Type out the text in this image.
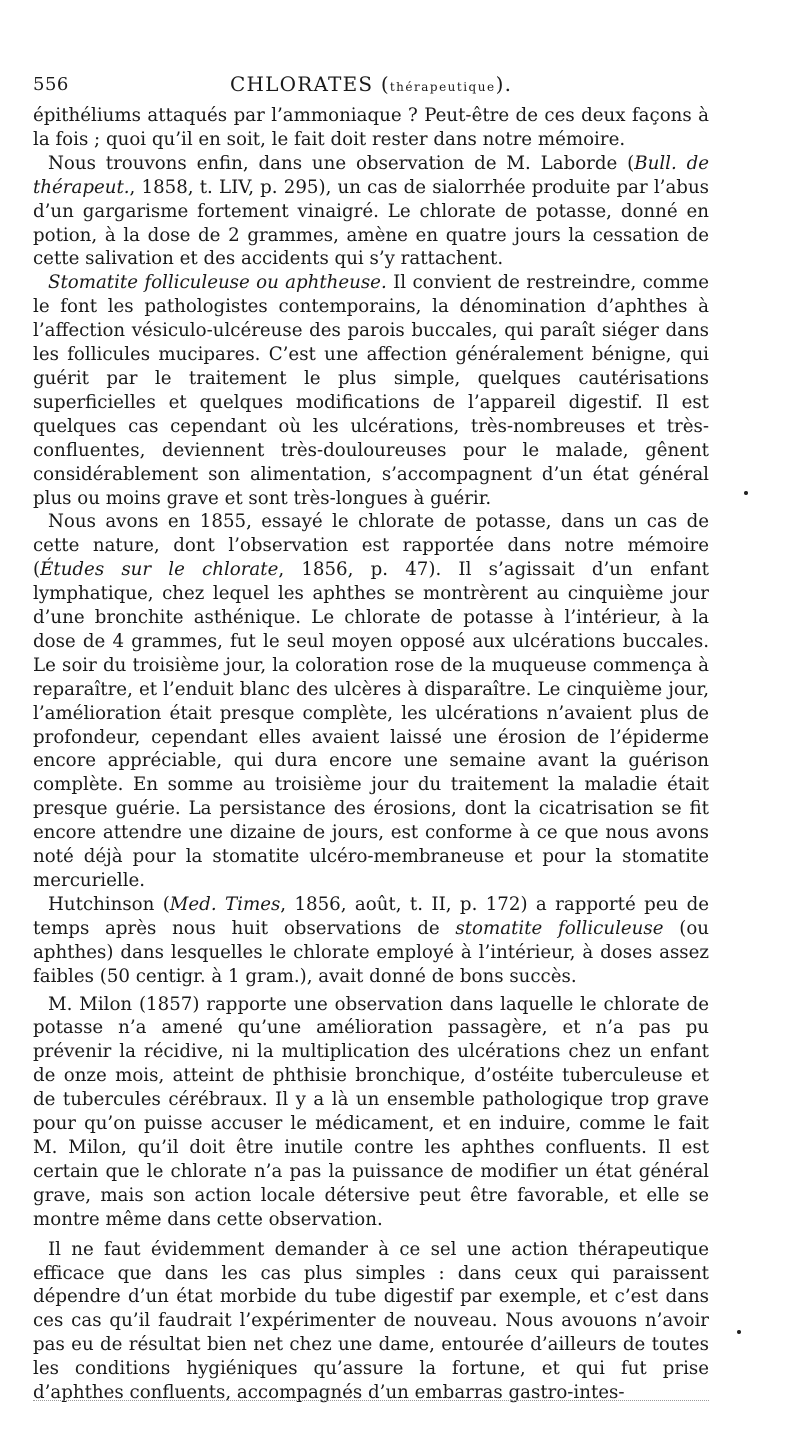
556	CHLORATES (thérapeutique).

épithéliums attaqués par l’ammoniaque ? Peut-être de ces deux façons à la fois ; quoi qu’il en soit, le fait doit rester dans notre mémoire.

Nous trouvons enfin, dans une observation de M. Laborde (Bull. de thérapeut., 1858, t. LIV, p. 295), un cas de sialorrhée produite par l’abus d’un gargarisme fortement vinaigré. Le chlorate de potasse, donné en potion, à la dose de 2 grammes, amène en quatre jours la cessation de cette salivation et des accidents qui s’y rattachent.

Stomatite folliculeuse ou aphtheuse. Il convient de restreindre, comme le font les pathologistes contemporains, la dénomination d’aphthes à l’affection vésiculo-ulcéreuse des parois buccales, qui paraît siéger dans les follicules mucipares. C’est une affection généralement bénigne, qui guérit par le traitement le plus simple, quelques cautérisations superficielles et quelques modifications de l’appareil digestif. Il est quelques cas cependant où les ulcérations, très-nombreuses et très-confluentes, deviennent très-douloureuses pour le malade, gênent considérablement son alimentation, s’accompagnent d’un état général plus ou moins grave et sont très-longues à guérir.

Nous avons en 1855, essayé le chlorate de potasse, dans un cas de cette nature, dont l’observation est rapportée dans notre mémoire (Études sur le chlorate, 1856, p. 47). Il s’agissait d’un enfant lymphatique, chez lequel les aphthes se montrèrent au cinquième jour d’une bronchite asthénique. Le chlorate de potasse à l’intérieur, à la dose de 4 grammes, fut le seul moyen opposé aux ulcérations buccales. Le soir du troisième jour, la coloration rose de la muqueuse commença à reparaître, et l’enduit blanc des ulcères à disparaître. Le cinquième jour, l’amélioration était presque complète, les ulcérations n’avaient plus de profondeur, cependant elles avaient laissé une érosion de l’épiderme encore appréciable, qui dura encore une semaine avant la guérison complète. En somme au troisième jour du traitement la maladie était presque guérie. La persistance des érosions, dont la cicatrisation se fit encore attendre une dizaine de jours, est conforme à ce que nous avons noté déjà pour la stomatite ulcéro-membraneuse et pour la stomatite mercurielle.

Hutchinson (Med. Times, 1856, août, t. II, p. 172) a rapporté peu de temps après nous huit observations de stomatite folliculeuse (ou aphthes) dans lesquelles le chlorate employé à l’intérieur, à doses assez faibles (50 centigr. à 1 gram.), avait donné de bons succès.

M. Milon (1857) rapporte une observation dans laquelle le chlorate de potasse n’a amené qu’une amélioration passagère, et n’a pas pu prévenir la récidive, ni la multiplication des ulcérations chez un enfant de onze mois, atteint de phthisie bronchique, d’ostéite tuberculeuse et de tubercules cérébraux. Il y a là un ensemble pathologique trop grave pour qu’on puisse accuser le médicament, et en induire, comme le fait M. Milon, qu’il doit être inutile contre les aphthes confluents. Il est certain que le chlorate n’a pas la puissance de modifier un état général grave, mais son action locale détersive peut être favorable, et elle se montre même dans cette observation.

Il ne faut évidemment demander à ce sel une action thérapeutique efficace que dans les cas plus simples : dans ceux qui paraissent dépendre d’un état morbide du tube digestif par exemple, et c’est dans ces cas qu’il faudrait l’expérimenter de nouveau. Nous avouons n’avoir pas eu de résultat bien net chez une dame, entourée d’ailleurs de toutes les conditions hygiéniques qu’assure la fortune, et qui fut prise d’aphthes confluents, accompagnés d’un embarras gastro-intes-
